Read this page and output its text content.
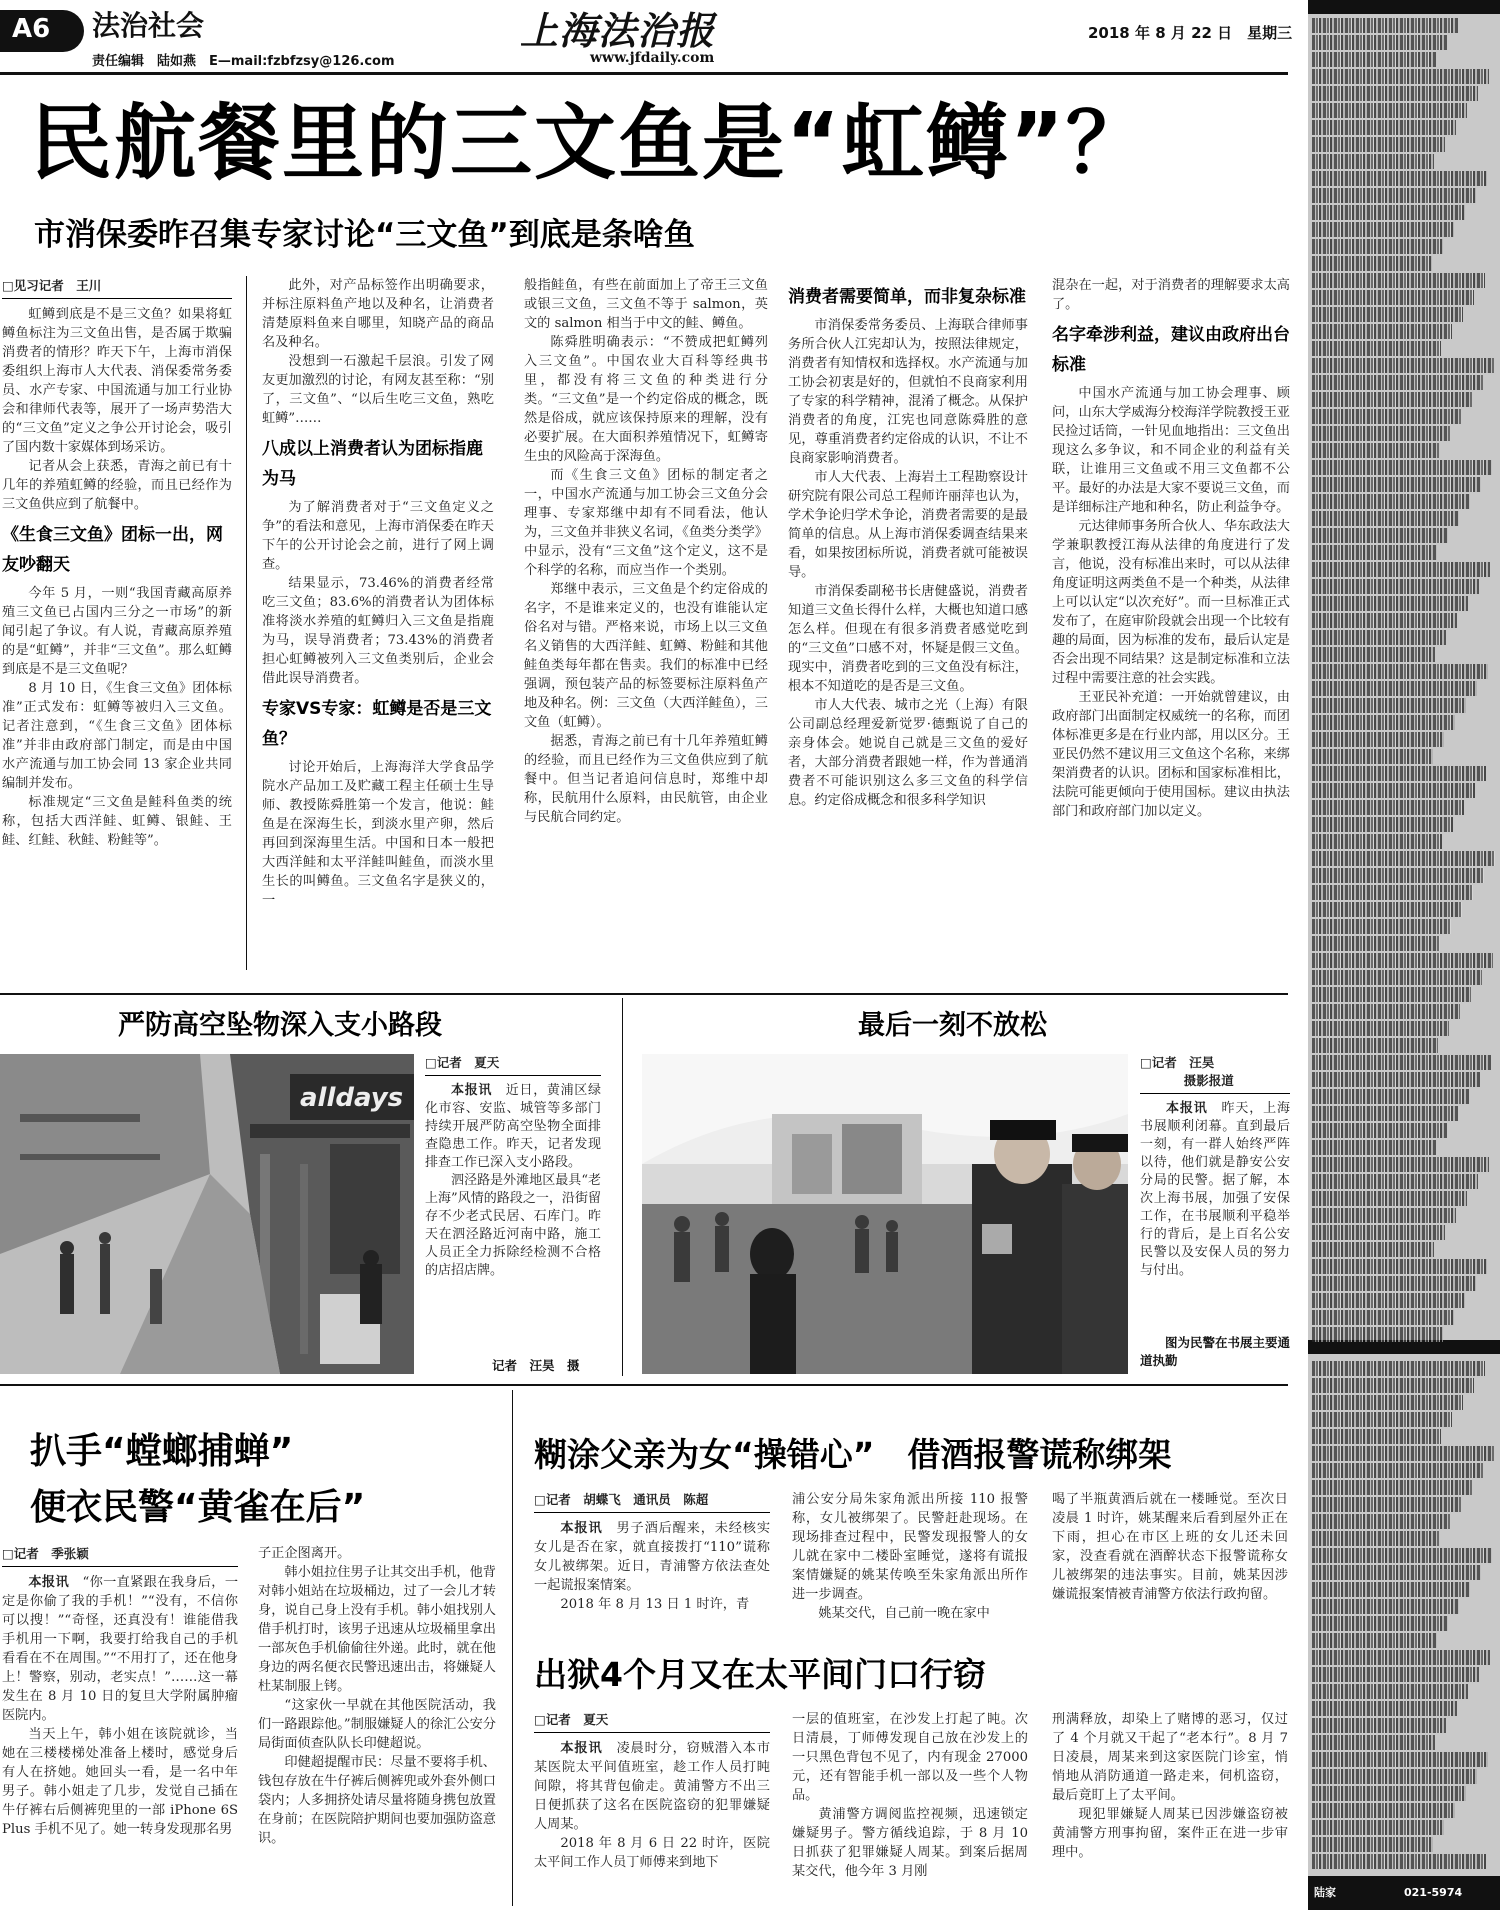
A6 法治社会
责任编辑　陆如燕　E—mail:fzbfzsy@126.com
上海法治报
www.jfdaily.com
2018 年 8 月 22 日　星期三
民航餐里的三文鱼是“虹鳟”？
市消保委昨召集专家讨论“三文鱼”到底是条啥鱼

□见习记者　王川

虹鳟到底是不是三文鱼？如果将虹鳟鱼标注为三文鱼出售，是否属于欺骗消费者的情形？昨天下午，上海市消保委组织上海市人大代表、消保委常务委员、水产专家、中国流通与加工行业协会和律师代表等，展开了一场声势浩大的“三文鱼”定义之争公开讨论会，吸引了国内数十家媒体到场采访。

记者从会上获悉，青海之前已有十几年的养殖虹鳟的经验，而且已经作为三文鱼供应到了航餐中。

《生食三文鱼》团标一出，网友吵翻天

今年 5 月，一则“我国青藏高原养殖三文鱼已占国内三分之一市场”的新闻引起了争议。有人说，青藏高原养殖的是“虹鳟”，并非“三文鱼”。那么虹鳟到底是不是三文鱼呢？

8 月 10 日，《生食三文鱼》团体标准”正式发布：虹鳟等被归入三文鱼。记者注意到，“《生食三文鱼》团体标准”并非由政府部门制定，而是由中国水产流通与加工协会同 13 家企业共同编制并发布。

标准规定“三文鱼是鲑科鱼类的统称，包括大西洋鲑、虹鳟、银鲑、王鲑、红鲑、秋鲑、粉鲑等”。

此外，对产品标签作出明确要求，并标注原料鱼产地以及种名，让消费者清楚原料鱼来自哪里，知晓产品的商品名及种名。

没想到一石激起千层浪。引发了网友更加激烈的讨论，有网友甚至称：“别了，三文鱼”、“以后生吃三文鱼，熟吃虹鳟”……

八成以上消费者认为团标指鹿为马

为了解消费者对于“三文鱼定义之争”的看法和意见，上海市消保委在昨天下午的公开讨论会之前，进行了网上调查。

结果显示，73.46%的消费者经常吃三文鱼；83.6%的消费者认为团体标准将淡水养殖的虹鳟归入三文鱼是指鹿为马，误导消费者；73.43%的消费者担心虹鳟被列入三文鱼类别后，企业会借此误导消费者。

专家VS专家：虹鳟是否是三文鱼？

讨论开始后，上海海洋大学食品学院水产品加工及贮藏工程主任硕士生导师、教授陈舜胜第一个发言，他说：鲑鱼是在深海生长，到淡水里产卵，然后再回到深海里生活。中国和日本一般把大西洋鲑和太平洋鲑叫鲑鱼，而淡水里生长的叫鳟鱼。三文鱼名字是狭义的，一

般指鲑鱼，有些在前面加上了帝王三文鱼或银三文鱼，三文鱼不等于 salmon，英文的 salmon 相当于中文的鲑、鳟鱼。

陈舜胜明确表示：“不赞成把虹鳟列入三文鱼”。中国农业大百科等经典书里，都没有将三文鱼的种类进行分类。“三文鱼”是一个约定俗成的概念，既然是俗成，就应该保持原来的理解，没有必要扩展。在大面积养殖情况下，虹鳟寄生虫的风险高于深海鱼。

而《生食三文鱼》团标的制定者之一，中国水产流通与加工协会三文鱼分会理事、专家郑继中却有不同看法，他认为，三文鱼并非狭义名词，《鱼类分类学》中显示，没有“三文鱼”这个定义，这不是个科学的名称，而应当作一个类别。

郑继中表示，三文鱼是个约定俗成的名字，不是谁来定义的，也没有谁能认定俗名对与错。严格来说，市场上以三文鱼名义销售的大西洋鲑、虹鳟、粉鲑和其他鲑鱼类每年都在售卖。我们的标准中已经强调，预包装产品的标签要标注原料鱼产地及种名。例：三文鱼（大西洋鲑鱼），三文鱼（虹鳟）。

据悉，青海之前已有十几年养殖虹鳟的经验，而且已经作为三文鱼供应到了航餐中。但当记者追问信息时，郑维中却称，民航用什么原料，由民航管，由企业与民航合同约定。

消费者需要简单，而非复杂标准

市消保委常务委员、上海联合律师事务所合伙人江宪却认为，按照法律规定，消费者有知情权和选择权。水产流通与加工协会初衷是好的，但就怕不良商家利用了专家的科学精神，混淆了概念。从保护消费者的角度，江宪也同意陈舜胜的意见，尊重消费者约定俗成的认识，不让不良商家影响消费者。

市人大代表、上海岩土工程勘察设计研究院有限公司总工程师许丽萍也认为，学术争论归学术争论，消费者需要的是最简单的信息。从上海市消保委调查结果来看，如果按团标所说，消费者就可能被误导。

市消保委副秘书长唐健盛说，消费者知道三文鱼长得什么样，大概也知道口感怎么样。但现在有很多消费者感觉吃到的“三文鱼”口感不对，怀疑是假三文鱼。现实中，消费者吃到的三文鱼没有标注，根本不知道吃的是否是三文鱼。

市人大代表、城市之光（上海）有限公司副总经理爱新觉罗·德甄说了自己的亲身体会。她说自己就是三文鱼的爱好者，大部分消费者跟她一样，作为普通消费者不可能识别这么多三文鱼的科学信息。约定俗成概念和很多科学知识

混杂在一起，对于消费者的理解要求太高了。

名字牵涉利益，建议由政府出台标准

中国水产流通与加工协会理事、顾问，山东大学威海分校海洋学院教授王亚民捡过话筒，一针见血地指出：三文鱼出现这么多争议，和不同企业的利益有关联，让谁用三文鱼或不用三文鱼都不公平。最好的办法是大家不要说三文鱼，而是详细标注产地和种名，防止利益争夺。

元达律师事务所合伙人、华东政法大学兼职教授江海从法律的角度进行了发言，他说，没有标准出来时，可以从法律角度证明这两类鱼不是一个种类，从法律上可以认定“以次充好”。而一旦标准正式发布了，在庭审阶段就会出现一个比较有趣的局面，因为标准的发布，最后认定是否会出现不同结果？这是制定标准和立法过程中需要注意的社会实践。

王亚民补充道：一开始就曾建议，由政府部门出面制定权威统一的名称，而团体标准更多是在行业内部，用以区分。王亚民仍然不建议用三文鱼这个名称，来绑架消费者的认识。团标和国家标准相比，法院可能更倾向于使用国标。建议由执法部门和政府部门加以定义。

严防高空坠物深入支小路段
alldays

□记者　夏天

本报讯　 近日，黄浦区绿化市容、安监、城管等多部门持续开展严防高空坠物全面排查隐患工作。昨天，记者发现排查工作已深入支小路段。

泗泾路是外滩地区最具“老上海”风情的路段之一，沿街留存不少老式民居、石库门。昨天在泗泾路近河南中路，施工人员正全力拆除经检测不合格的店招店牌。

记者　汪昊　摄
最后一刻不放松

□记者　汪昊

摄影报道

本报讯　 昨天，上海书展顺利闭幕。直到最后一刻，有一群人始终严阵以待，他们就是静安公安分局的民警。据了解，本次上海书展，加强了安保工作，在书展顺利平稳举行的背后，是上百名公安民警以及安保人员的努力与付出。

图为民警在书展主要通道执勤
扒手“螳螂捕蝉”
便衣民警“黄雀在后”

□记者　季张颖

本报讯　 “你一直紧跟在我身后，一定是你偷了我的手机！”“没有，不信你可以搜！”“奇怪，还真没有！谁能借我手机用一下啊，我要打给我自己的手机看看在不在周围。”“不用打了，还在他身上！警察，别动，老实点！”……这一幕发生在 8 月 10 日的复旦大学附属肿瘤医院内。

当天上午，韩小姐在该院就诊，当她在三楼楼梯处准备上楼时，感觉身后有人在挤她。她回头一看，是一名中年男子。韩小姐走了几步，发觉自己插在牛仔裤右后侧裤兜里的一部 iPhone 6S Plus 手机不见了。她一转身发现那名男

子正企图离开。

韩小姐拉住男子让其交出手机，他背对韩小姐站在垃圾桶边，过了一会儿才转身，说自己身上没有手机。韩小姐找别人借手机打时，该男子迅速从垃圾桶里拿出一部灰色手机偷偷往外递。此时，就在他身边的两名便衣民警迅速出击，将嫌疑人杜某制服上铐。

“这家伙一早就在其他医院活动，我们一路跟踪他。”制服嫌疑人的徐汇公安分局街面侦查队队长印健超说。

印健超提醒市民：尽量不要将手机、钱包存放在牛仔裤后侧裤兜或外套外侧口袋内；人多拥挤处请尽量将随身携包放置在身前；在医院陪护期间也要加强防盗意识。

糊涂父亲为女“操错心”　借酒报警谎称绑架

□记者　胡蝶飞　通讯员　陈超

本报讯　 男子酒后醒来，未经核实女儿是否在家，就直接拨打“110”谎称女儿被绑架。近日，青浦警方依法查处一起谎报案情案。

2018 年 8 月 13 日 1 时许，青

浦公安分局朱家角派出所接 110 报警称，女儿被绑架了。民警赶赴现场。在现场排查过程中，民警发现报警人的女儿就在家中二楼卧室睡觉，遂将有谎报案情嫌疑的姚某传唤至朱家角派出所作进一步调查。

姚某交代，自己前一晚在家中

喝了半瓶黄酒后就在一楼睡觉。至次日凌晨 1 时许，姚某醒来后看到屋外正在下雨，担心在市区上班的女儿还未回家，没查看就在酒醉状态下报警谎称女儿被绑架的违法事实。目前，姚某因涉嫌谎报案情被青浦警方依法行政拘留。

出狱4个月又在太平间门口行窃

□记者　夏天

本报讯　 凌晨时分，窃贼潜入本市某医院太平间值班室，趁工作人员打盹间隙，将其背包偷走。黄浦警方不出三日便抓获了这名在医院盗窃的犯罪嫌疑人周某。

2018 年 8 月 6 日 22 时许，医院太平间工作人员丁师傅来到地下

一层的值班室，在沙发上打起了盹。次日清晨，丁师傅发现自己放在沙发上的一只黑色背包不见了，内有现金 27000 元，还有智能手机一部以及一些个人物品。

黄浦警方调阅监控视频，迅速锁定嫌疑男子。警方循线追踪，于 8 月 10 日抓获了犯罪嫌疑人周某。到案后据周某交代，他今年 3 月刚

刑满释放，却染上了赌博的恶习，仅过了 4 个月就又干起了“老本行”。8 月 7 日凌晨，周某来到这家医院门诊室，悄悄地从消防通道一路走来，伺机盗窃，最后竟盯上了太平间。

现犯罪嫌疑人周某已因涉嫌盗窃被黄浦警方刑事拘留，案件正在进一步审理中。

陆家	021-5974
